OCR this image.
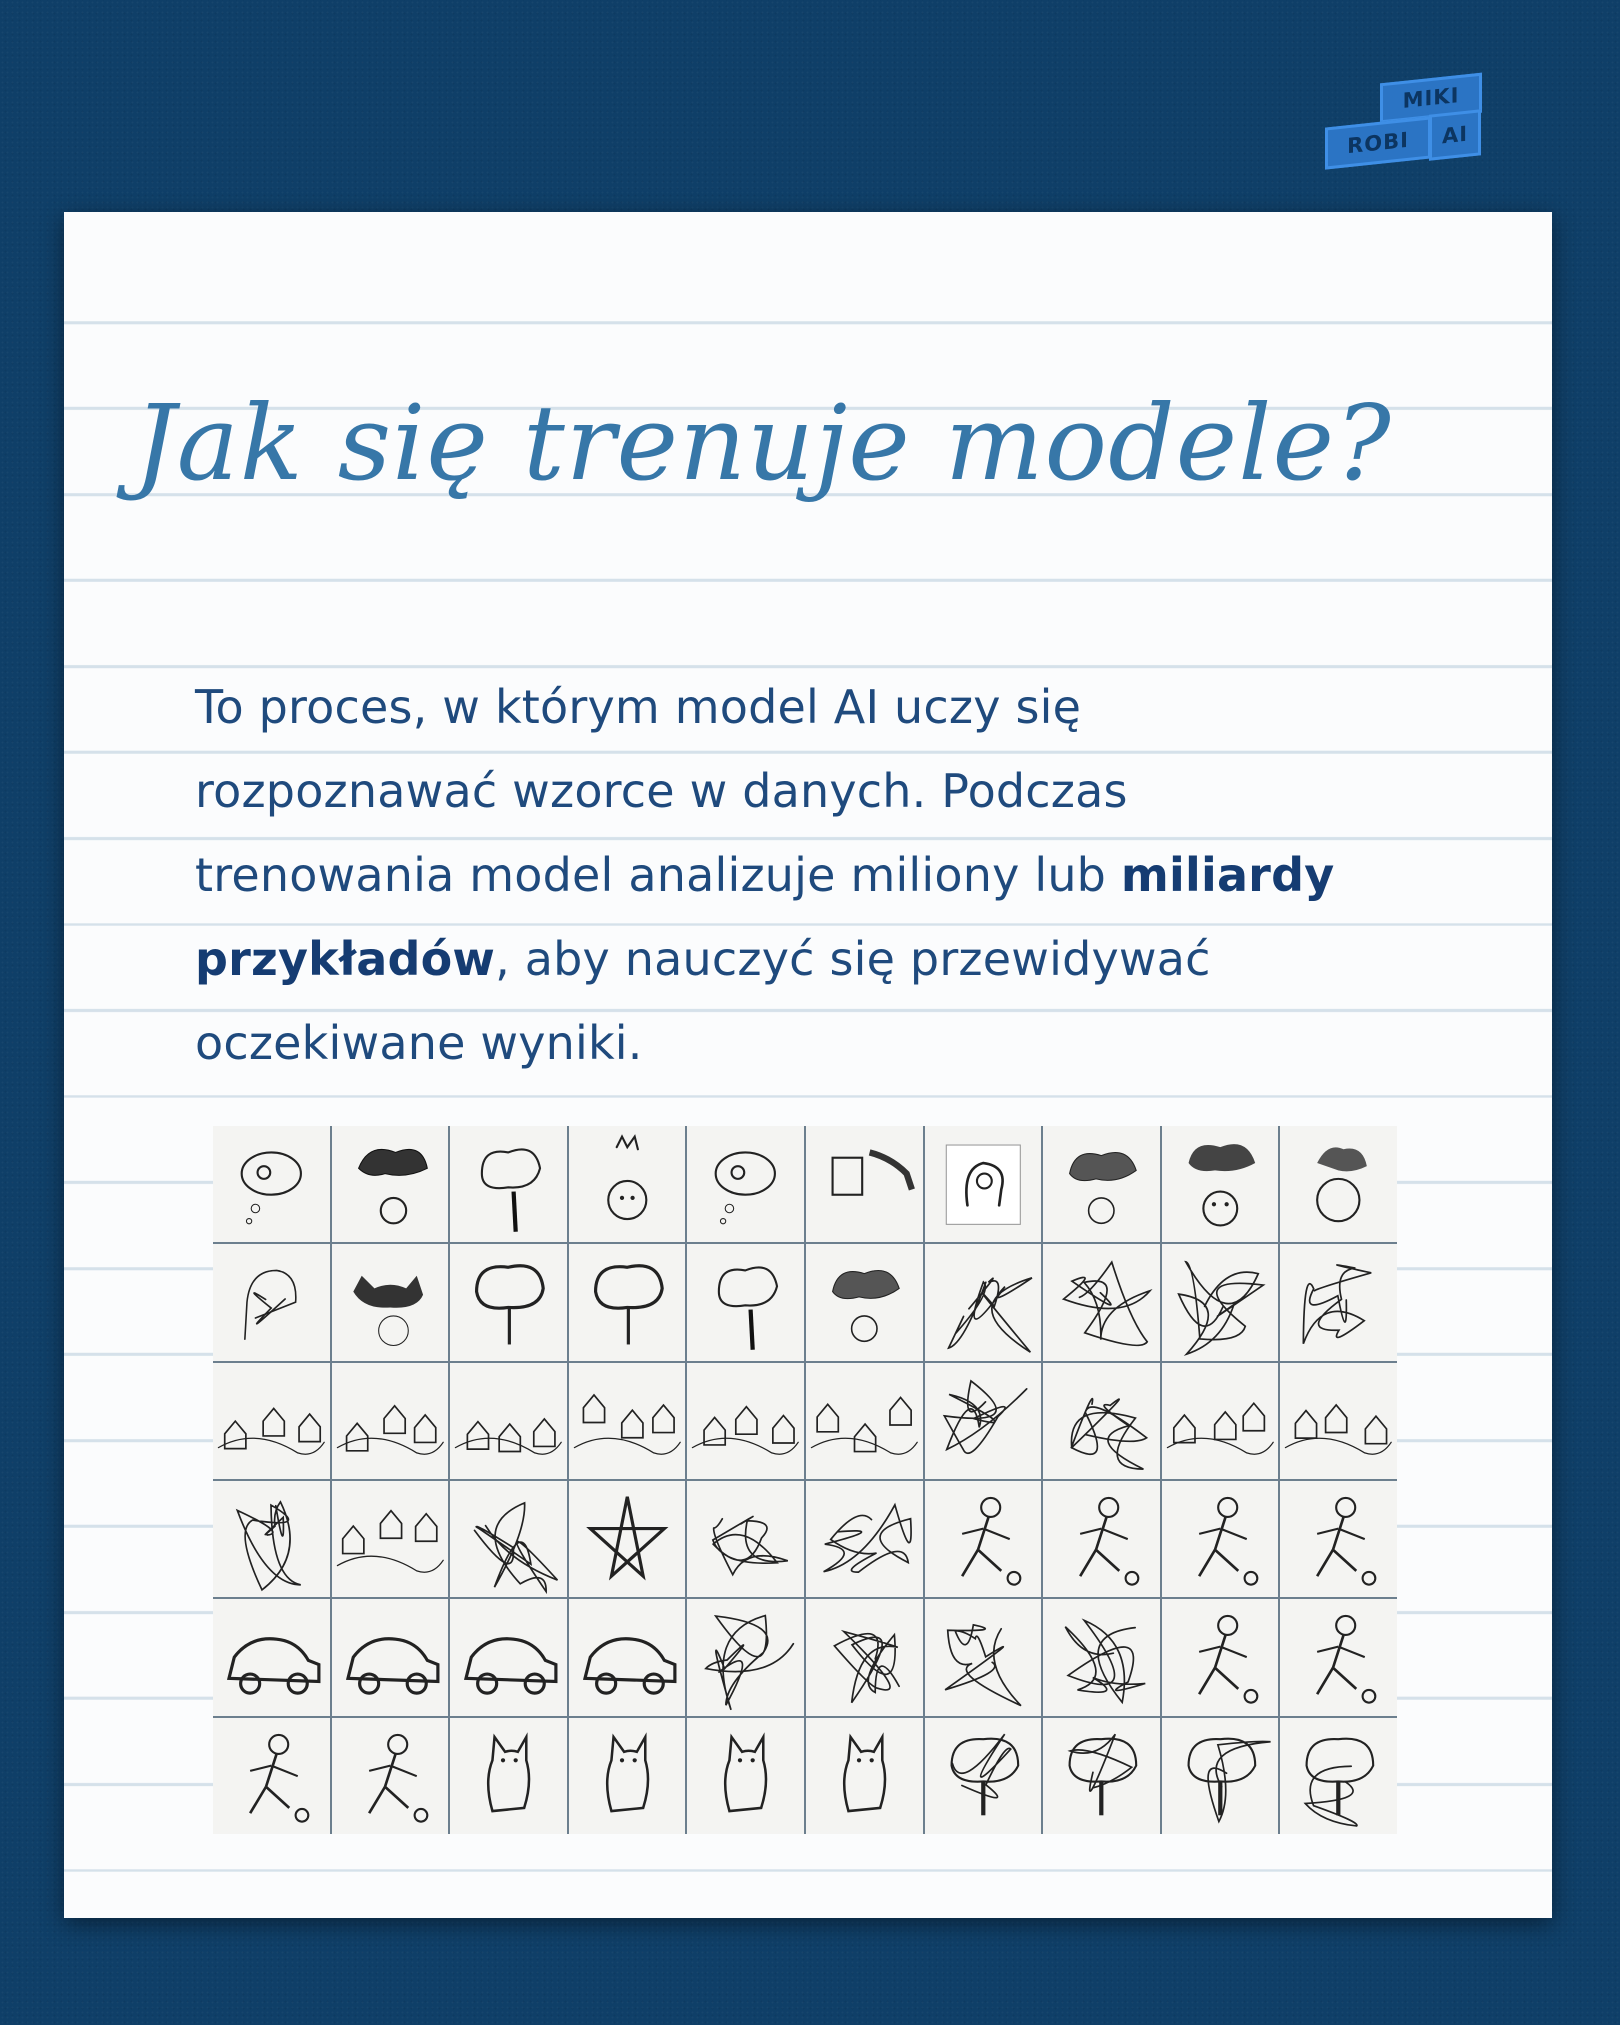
MIKI
ROBI AI
Jak się trenuje modele?
To proces, w którym model AI uczy się rozpoznawać wzorce w danych. Podczas trenowania model analizuje miliony lub miliardy przykładów, aby nauczyć się przewidywać oczekiwane wyniki.
